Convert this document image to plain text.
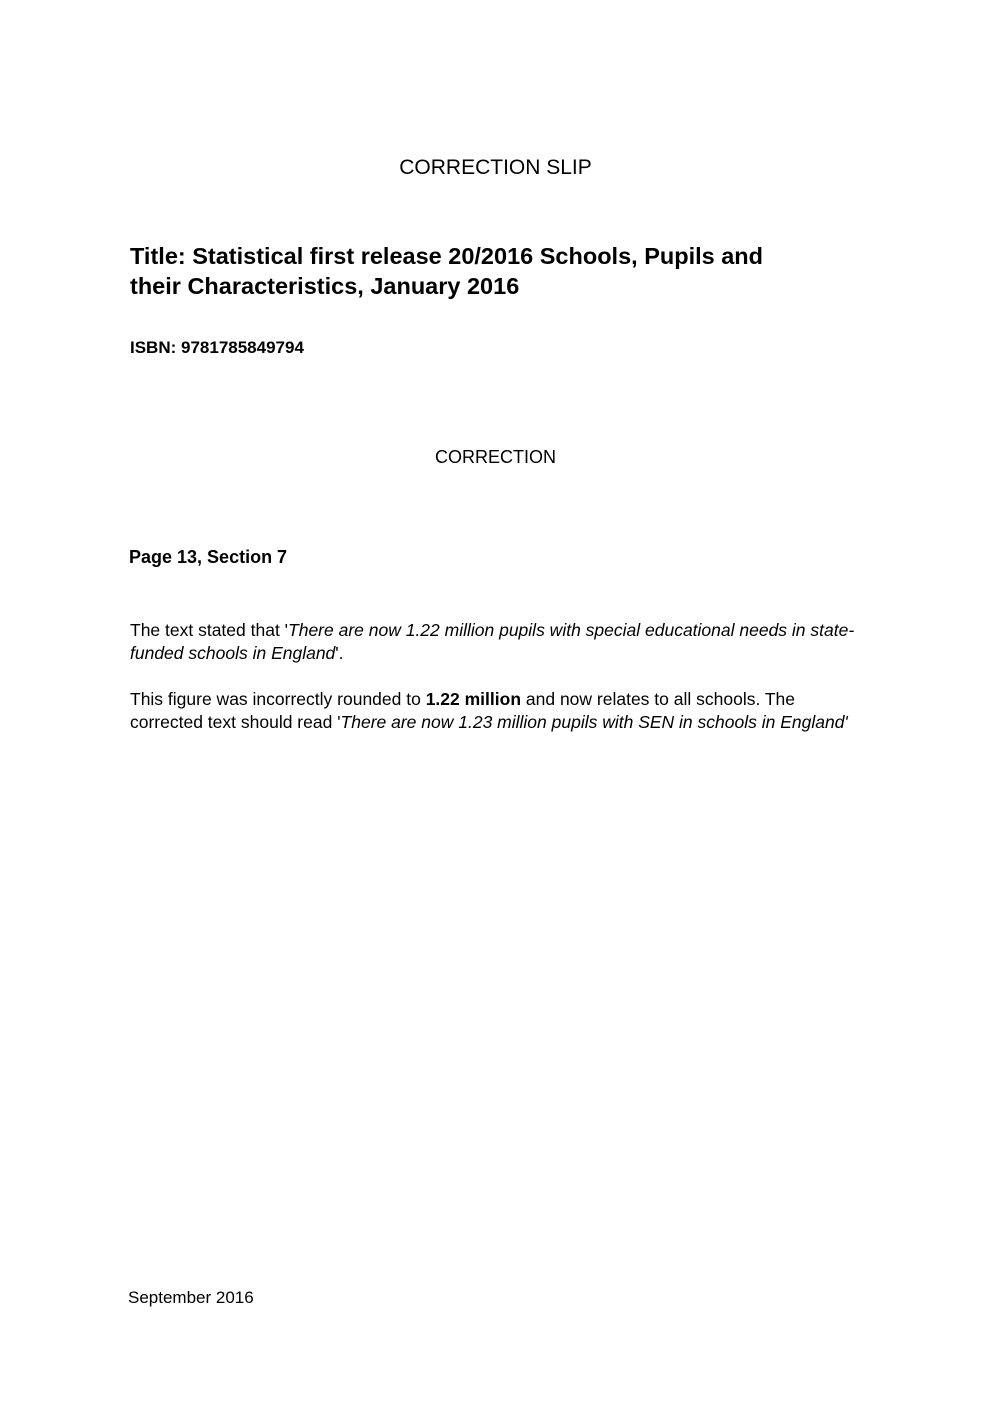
CORRECTION SLIP
Title: Statistical first release 20/2016 Schools, Pupils and
their Characteristics, January 2016

ISBN: 9781785849794

CORRECTION

Page 13, Section 7

The text stated that 'There are now 1.22 million pupils with special educational needs in state-funded schools in England'.

This figure was incorrectly rounded to 1.22 million and now relates to all schools. The corrected text should read 'There are now 1.23 million pupils with SEN in schools in England'

September 2016
